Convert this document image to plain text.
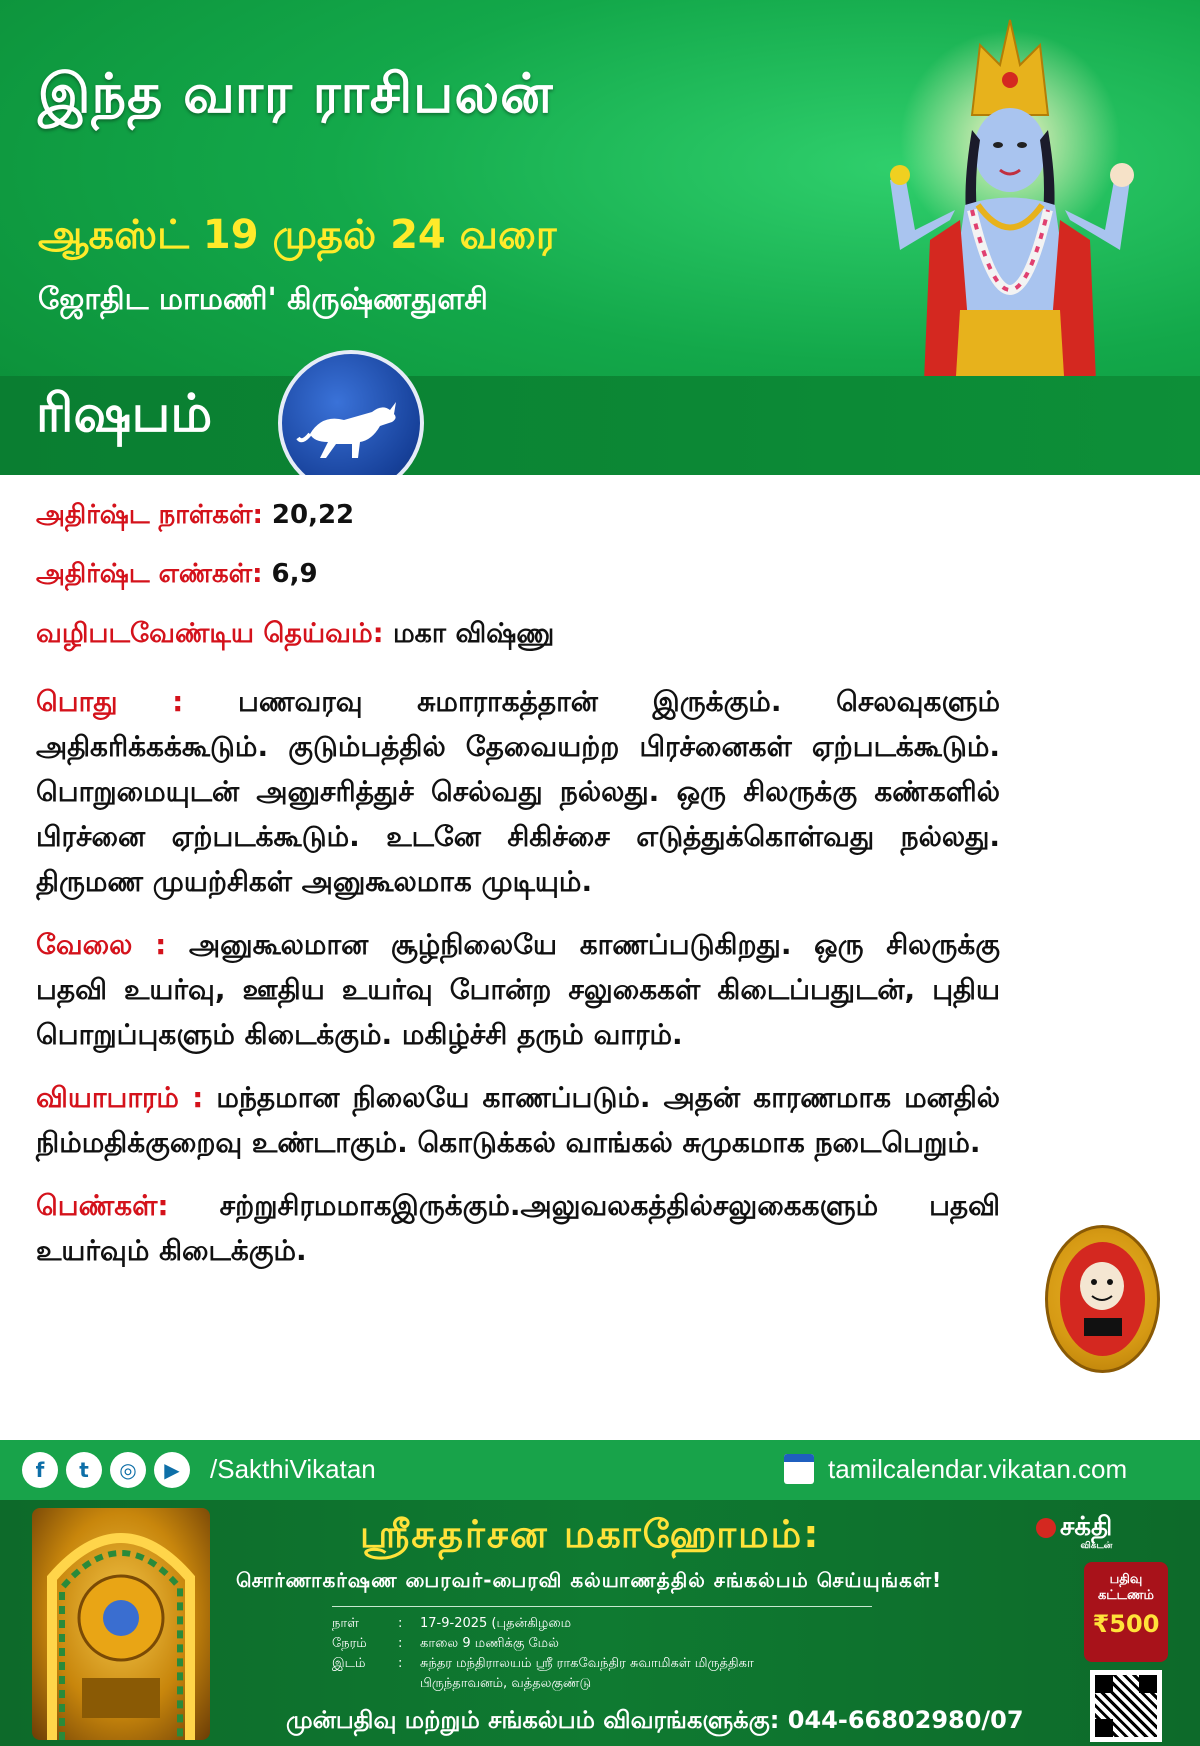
இந்த வார ராசிபலன்
ஆகஸ்ட் 19 முதல் 24 வரை
ஜோதிட மாமணி' கிருஷ்ணதுளசி
ரிஷபம்
அதிர்ஷ்ட நாள்கள்: 20,22
அதிர்ஷ்ட எண்கள்: 6,9
வழிபடவேண்டிய தெய்வம்: மகா விஷ்ணு

பொது : பணவரவு சுமாராகத்தான் இருக்கும். செலவுகளும் அதிகரிக்கக்கூடும். குடும்பத்தில் தேவையற்ற பிரச்னைகள் ஏற்படக்கூடும். பொறுமையுடன் அனுசரித்துச் செல்வது நல்லது. ஒரு சிலருக்கு கண்களில் பிரச்னை ஏற்படக்கூடும். உடனே சிகிச்சை எடுத்துக்கொள்வது நல்லது. திருமண முயற்சிகள் அனுகூலமாக முடியும்.

வேலை : அனுகூலமான சூழ்நிலையே காணப்படுகிறது. ஒரு சிலருக்கு பதவி உயர்வு, ஊதிய உயர்வு போன்ற சலுகைகள் கிடைப்பதுடன், புதிய பொறுப்புகளும் கிடைக்கும். மகிழ்ச்சி தரும் வாரம்.

வியாபாரம் : மந்தமான நிலையே காணப்படும். அதன் காரணமாக மனதில் நிம்மதிக்குறைவு உண்டாகும். கொடுக்கல் வாங்கல் சுமுகமாக நடைபெறும்.

பெண்கள்: சற்றுசிரமமாகஇருக்கும்.அலுவலகத்தில்சலுகைகளும் பதவி உயர்வும் கிடைக்கும்.

f	t	◎	▶	/SakthiVikatan	tamilcalendar.vikatan.com
ஸ்ரீசுதர்சன மகாஹோமம்:
சொர்ணாகர்ஷண பைரவர்-பைரவி கல்யாணத்தில் சங்கல்பம் செய்யுங்கள்!
நாள்	: 17-9-2025 (புதன்கிழமை
நேரம் : காலை 9 மணிக்கு மேல்
இடம்	: சுந்தர மந்திராலயம் ஸ்ரீ ராகவேந்திர சுவாமிகள் மிருத்திகா
பிருந்தாவனம், வத்தலகுண்டு
முன்பதிவு மற்றும் சங்கல்பம் விவரங்களுக்கு: 044-66802980/07
சக்தி
விகடன்
பதிவு
கட்டணம்
₹500
